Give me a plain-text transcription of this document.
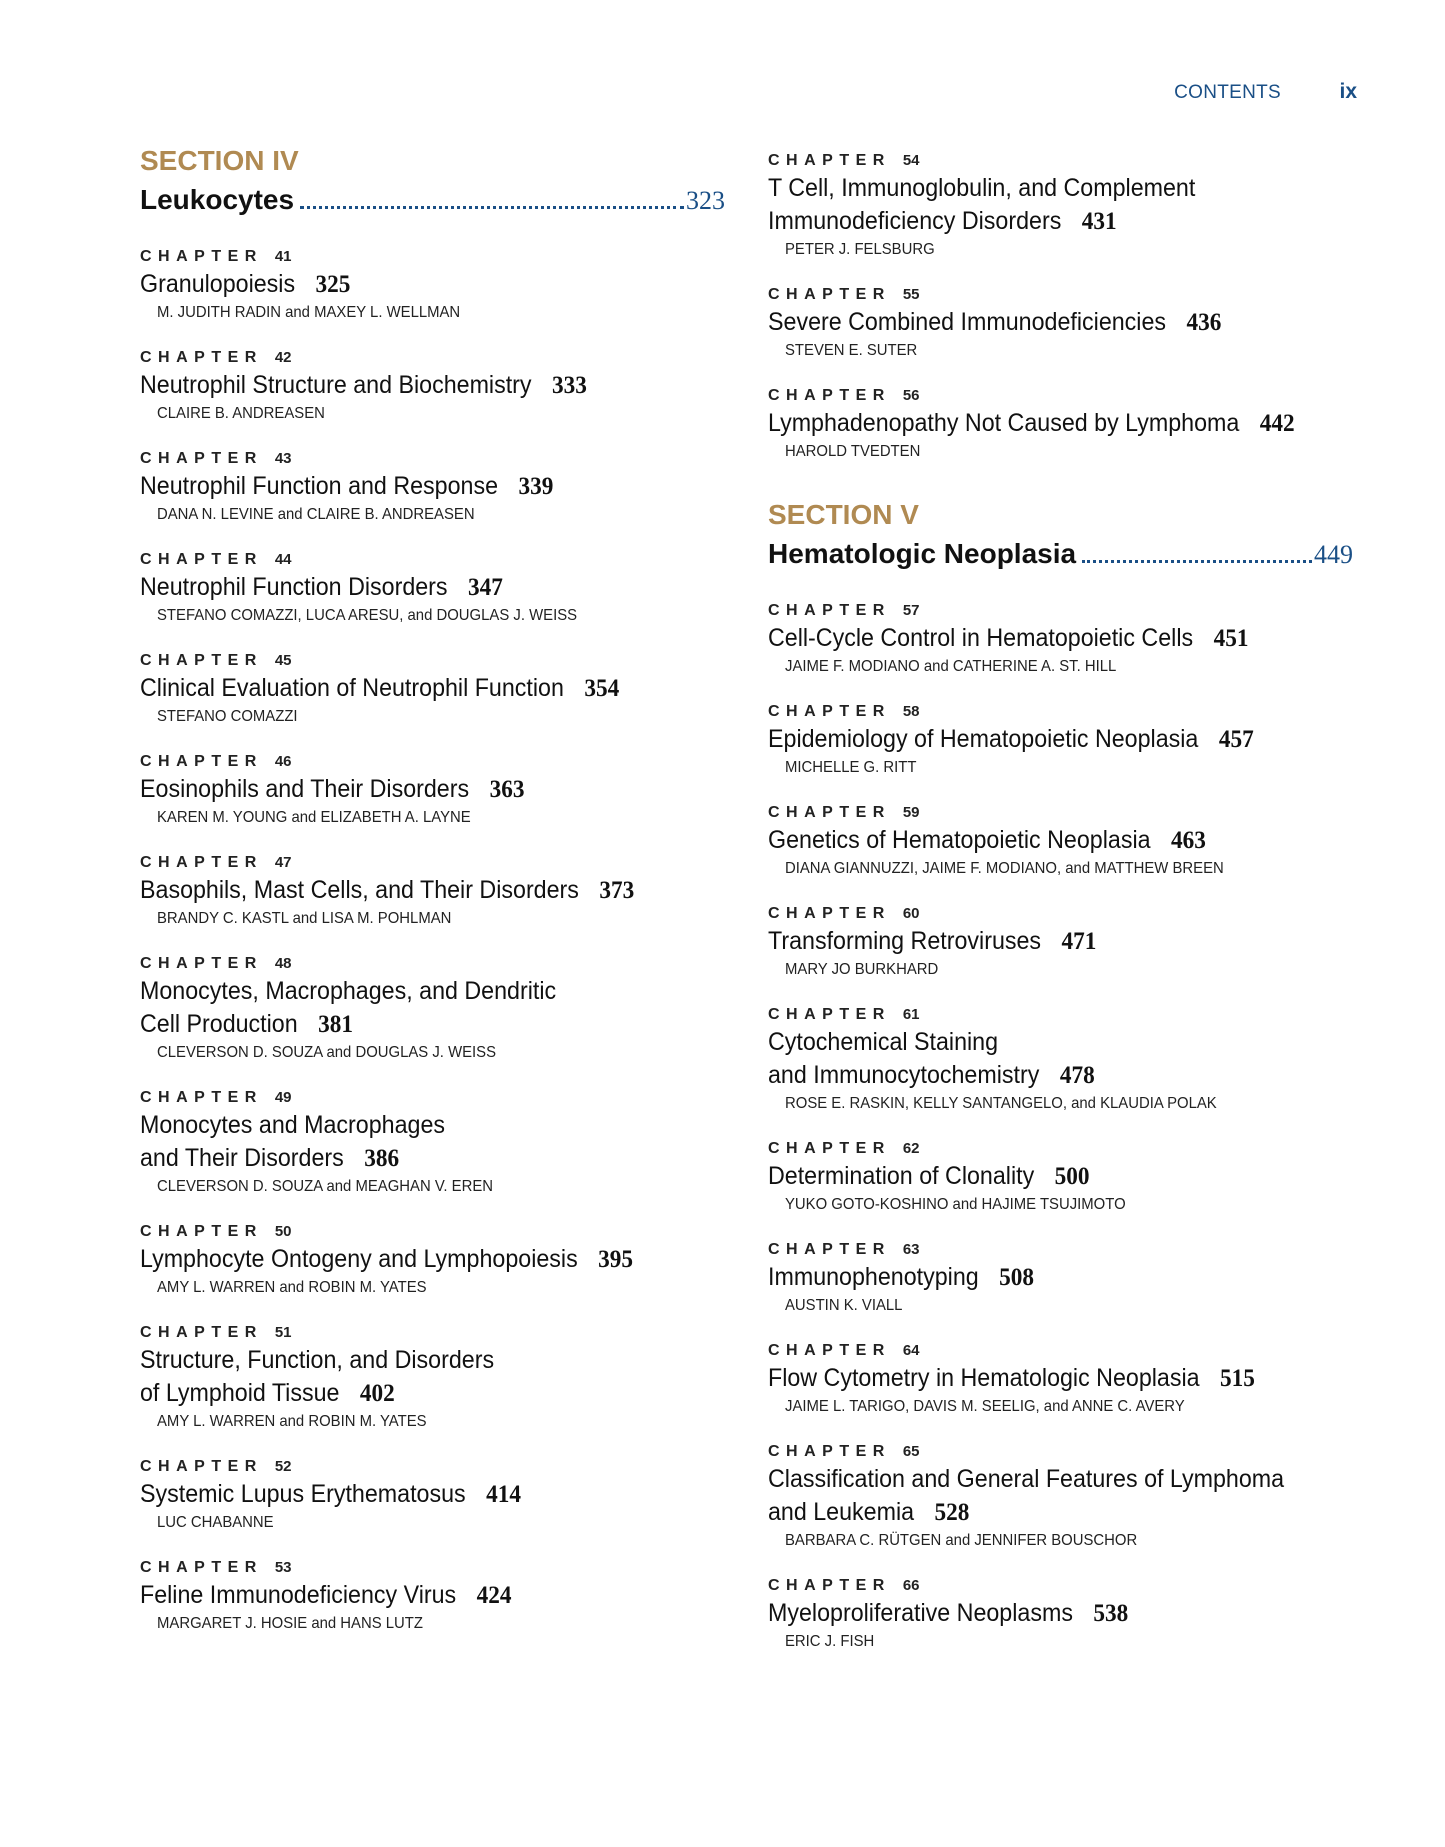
CONTENTS	ix
SECTION IV
Leukocytes	323
CHAPTER 41
Granulopoiesis 325
M. JUDITH RADIN and MAXEY L. WELLMAN
CHAPTER 42
Neutrophil Structure and Biochemistry 333
CLAIRE B. ANDREASEN
CHAPTER 43
Neutrophil Function and Response 339
DANA N. LEVINE and CLAIRE B. ANDREASEN
CHAPTER 44
Neutrophil Function Disorders 347
STEFANO COMAZZI, LUCA ARESU, and DOUGLAS J. WEISS
CHAPTER 45
Clinical Evaluation of Neutrophil Function 354
STEFANO COMAZZI
CHAPTER 46
Eosinophils and Their Disorders 363
KAREN M. YOUNG and ELIZABETH A. LAYNE
CHAPTER 47
Basophils, Mast Cells, and Their Disorders 373
BRANDY C. KASTL and LISA M. POHLMAN
CHAPTER 48
Monocytes, Macrophages, and Dendritic
Cell Production 381
CLEVERSON D. SOUZA and DOUGLAS J. WEISS
CHAPTER 49
Monocytes and Macrophages
and Their Disorders 386
CLEVERSON D. SOUZA and MEAGHAN V. EREN
CHAPTER 50
Lymphocyte Ontogeny and Lymphopoiesis 395
AMY L. WARREN and ROBIN M. YATES
CHAPTER 51
Structure, Function, and Disorders
of Lymphoid Tissue 402
AMY L. WARREN and ROBIN M. YATES
CHAPTER 52
Systemic Lupus Erythematosus 414
LUC CHABANNE
CHAPTER 53
Feline Immunodeficiency Virus 424
MARGARET J. HOSIE and HANS LUTZ
CHAPTER 54
T Cell, Immunoglobulin, and Complement
Immunodeficiency Disorders 431
PETER J. FELSBURG
CHAPTER 55
Severe Combined Immunodeficiencies 436
STEVEN E. SUTER
CHAPTER 56
Lymphadenopathy Not Caused by Lymphoma 442
HAROLD TVEDTEN
SECTION V
Hematologic Neoplasia	449
CHAPTER 57
Cell-Cycle Control in Hematopoietic Cells 451
JAIME F. MODIANO and CATHERINE A. ST. HILL
CHAPTER 58
Epidemiology of Hematopoietic Neoplasia 457
MICHELLE G. RITT
CHAPTER 59
Genetics of Hematopoietic Neoplasia 463
DIANA GIANNUZZI, JAIME F. MODIANO, and MATTHEW BREEN
CHAPTER 60
Transforming Retroviruses 471
MARY JO BURKHARD
CHAPTER 61
Cytochemical Staining
and Immunocytochemistry 478
ROSE E. RASKIN, KELLY SANTANGELO, and KLAUDIA POLAK
CHAPTER 62
Determination of Clonality 500
YUKO GOTO-KOSHINO and HAJIME TSUJIMOTO
CHAPTER 63
Immunophenotyping 508
AUSTIN K. VIALL
CHAPTER 64
Flow Cytometry in Hematologic Neoplasia 515
JAIME L. TARIGO, DAVIS M. SEELIG, and ANNE C. AVERY
CHAPTER 65
Classification and General Features of Lymphoma
and Leukemia 528
BARBARA C. RÜTGEN and JENNIFER BOUSCHOR
CHAPTER 66
Myeloproliferative Neoplasms 538
ERIC J. FISH
